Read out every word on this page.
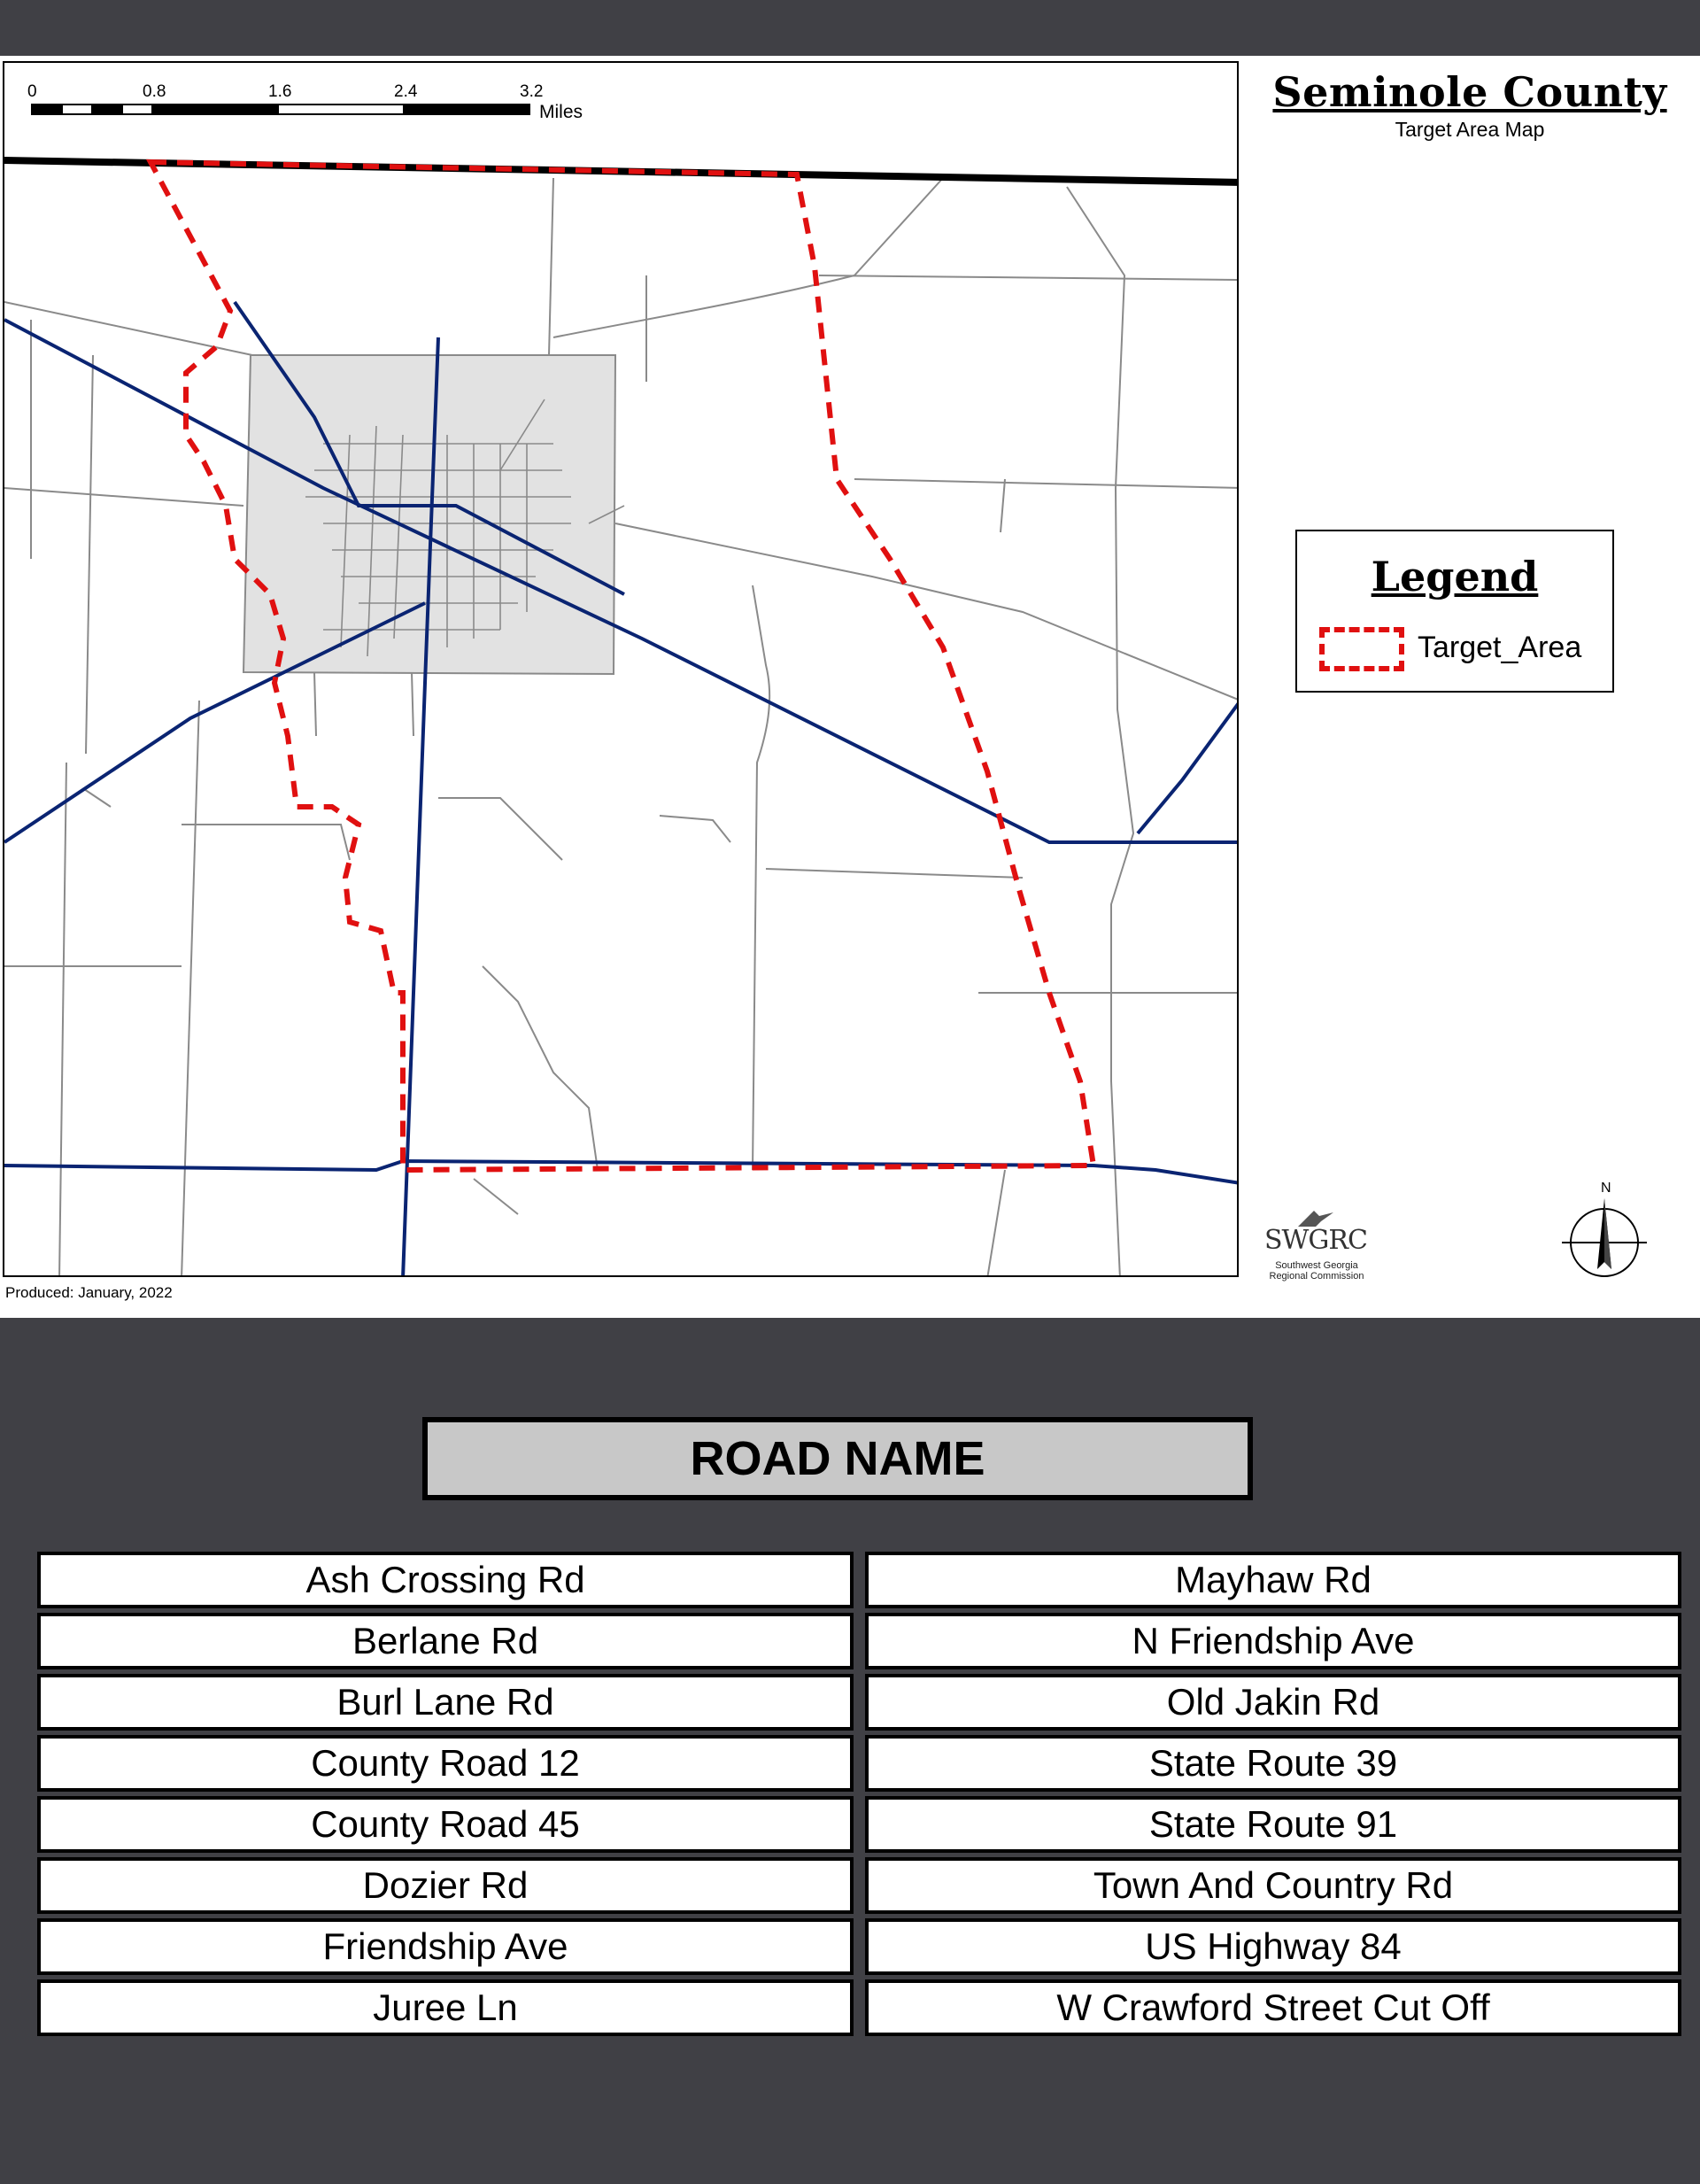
0	0.8	1.6	2.4	3.2
Miles	Seminole County
Target Area Map
Legend
Target_Area
Produced: January, 2022
SWGRC
Southwest Georgia
Regional Commission
N
ROAD NAME
Ash Crossing Rd
Berlane Rd
Burl Lane Rd
County Road 12
County Road 45
Dozier Rd
Friendship Ave
Juree Ln
Mayhaw Rd
N Friendship Ave
Old Jakin Rd
State Route 39
State Route 91
Town And Country Rd
US Highway 84
W Crawford Street Cut Off
